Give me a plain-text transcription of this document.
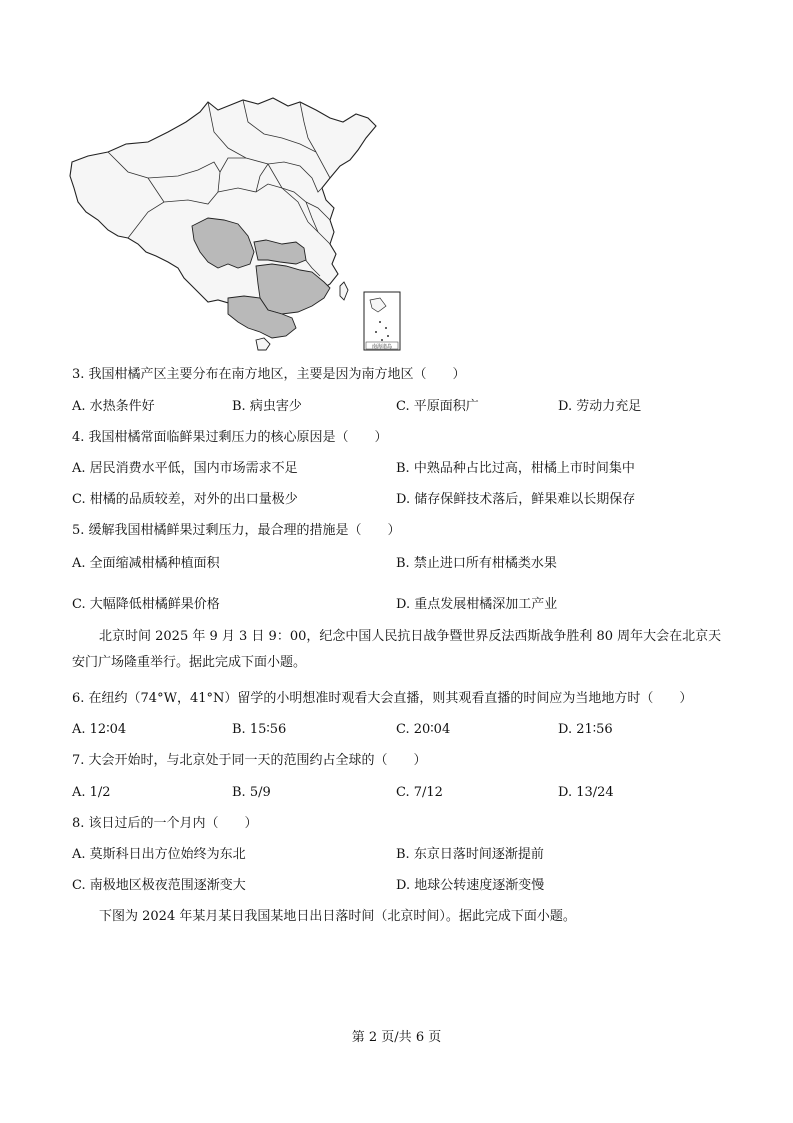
南海诸岛
3. 我国柑橘产区主要分布在南方地区，主要是因为南方地区（　　）
A. 水热条件好	B. 病虫害少	C. 平原面积广	D. 劳动力充足
4. 我国柑橘常面临鲜果过剩压力的核心原因是（　　）
A. 居民消费水平低，国内市场需求不足	B. 中熟品种占比过高，柑橘上市时间集中
C. 柑橘的品质较差，对外的出口量极少	D. 储存保鲜技术落后，鲜果难以长期保存
5. 缓解我国柑橘鲜果过剩压力，最合理的措施是（　　）
A. 全面缩减柑橘种植面积	B. 禁止进口所有柑橘类水果
C. 大幅降低柑橘鲜果价格	D. 重点发展柑橘深加工产业
北京时间 2025 年 9 月 3 日 9：00，纪念中国人民抗日战争暨世界反法西斯战争胜利 80 周年大会在北京天安门广场隆重举行。据此完成下面小题。
6. 在纽约（74°W，41°N）留学的小明想准时观看大会直播，则其观看直播的时间应为当地地方时（　　）
A. 12∶04	B. 15∶56	C. 20∶04	D. 21∶56
7. 大会开始时，与北京处于同一天的范围约占全球的（　　）
A. 1/2	B. 5/9	C. 7/12	D. 13/24
8. 该日过后的一个月内（　　）
A. 莫斯科日出方位始终为东北	B. 东京日落时间逐渐提前
C. 南极地区极夜范围逐渐变大	D. 地球公转速度逐渐变慢
下图为 2024 年某月某日我国某地日出日落时间（北京时间）。据此完成下面小题。
第 2 页/共 6 页
